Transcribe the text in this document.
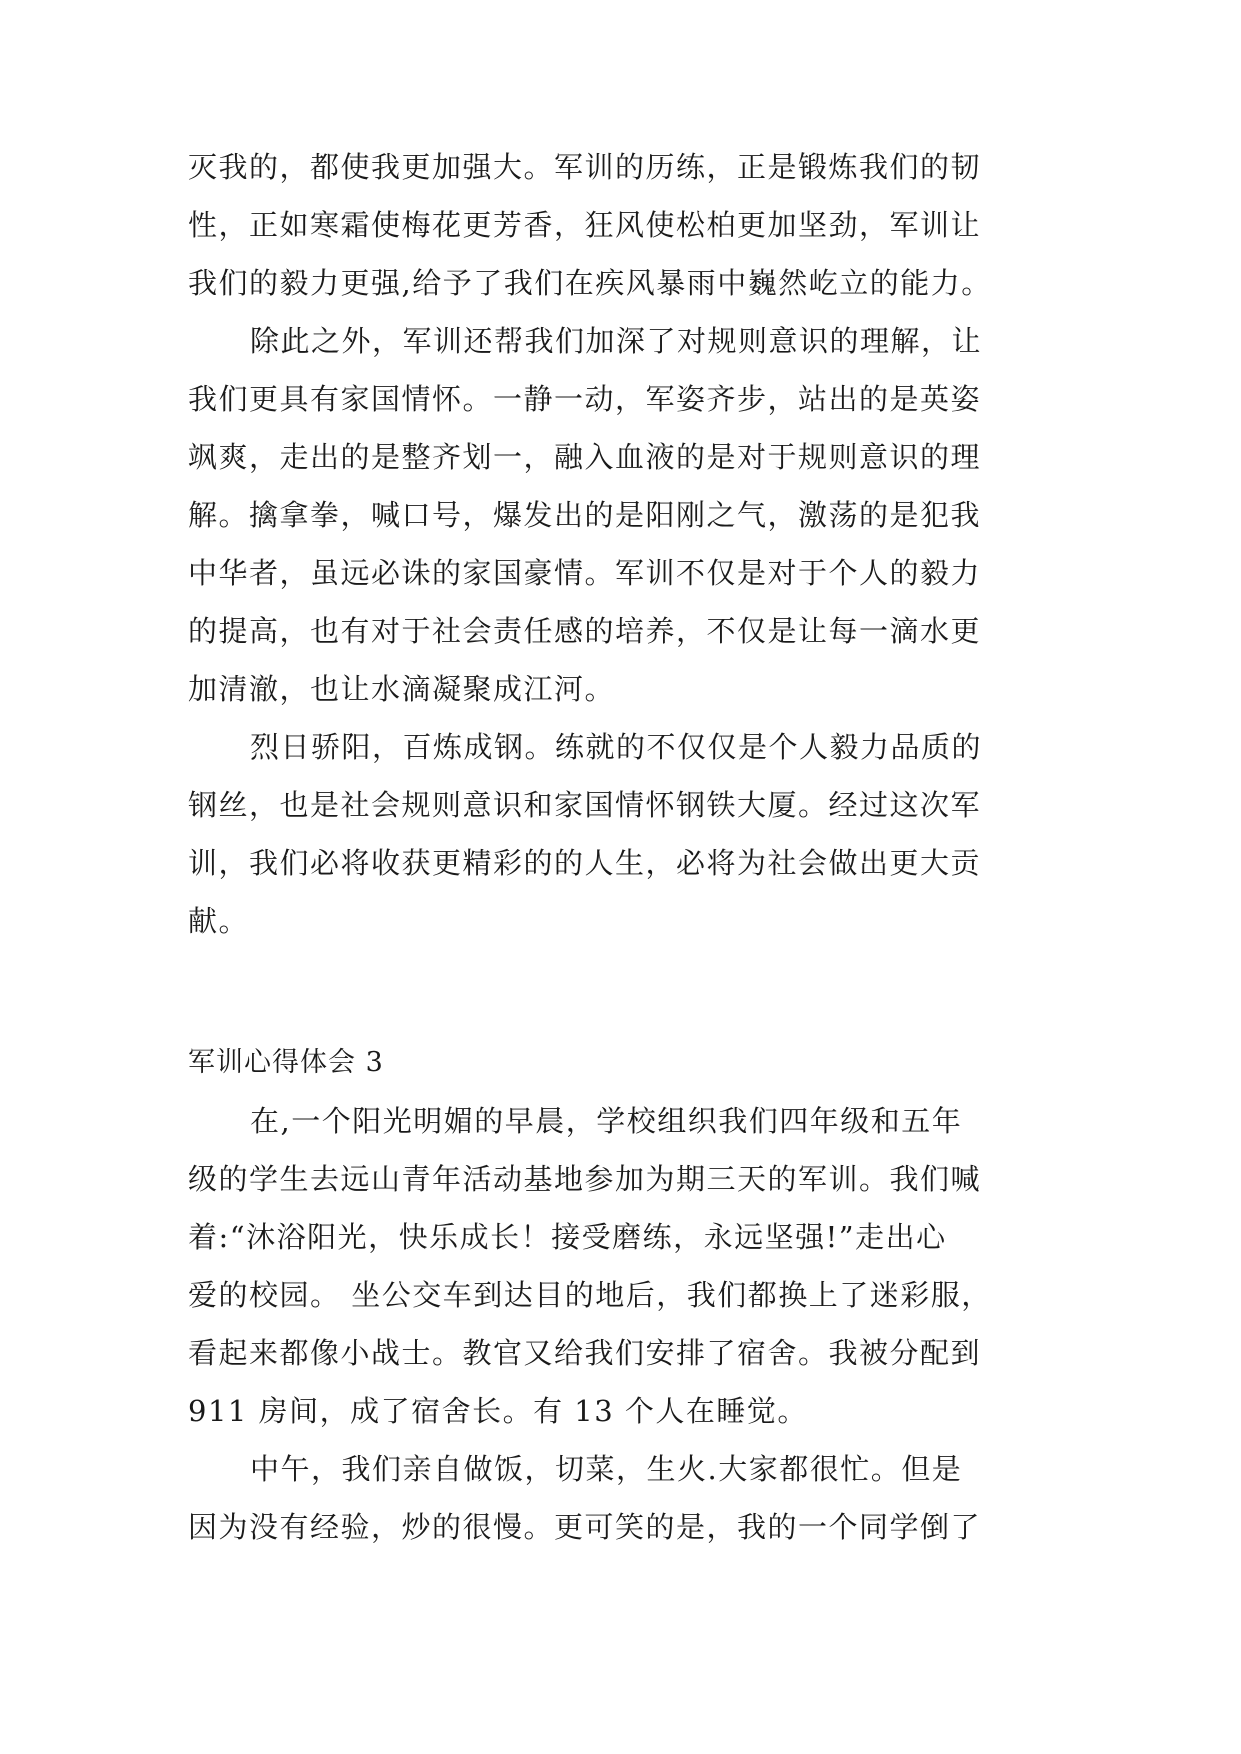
灭我的，都使我更加强大。军训的历练，正是锻炼我们的韧
性，正如寒霜使梅花更芳香，狂风使松柏更加坚劲，军训让
我们的毅力更强,给予了我们在疾风暴雨中巍然屹立的能力。
除此之外，军训还帮我们加深了对规则意识的理解，让
我们更具有家国情怀。一静一动，军姿齐步，站出的是英姿
飒爽，走出的是整齐划一，融入血液的是对于规则意识的理
解。擒拿拳，喊口号，爆发出的是阳刚之气，激荡的是犯我
中华者，虽远必诛的家国豪情。军训不仅是对于个人的毅力
的提高，也有对于社会责任感的培养，不仅是让每一滴水更
加清澈，也让水滴凝聚成江河。
烈日骄阳，百炼成钢。练就的不仅仅是个人毅力品质的
钢丝，也是社会规则意识和家国情怀钢铁大厦。经过这次军
训，我们必将收获更精彩的的人生，必将为社会做出更大贡
献。
军训心得体会 3
在,一个阳光明媚的早晨，学校组织我们四年级和五年
级的学生去远山青年活动基地参加为期三天的军训。我们喊
着:“沐浴阳光，快乐成长！接受磨练，永远坚强!”走出心
爱的校园。 坐公交车到达目的地后，我们都换上了迷彩服，
看起来都像小战士。教官又给我们安排了宿舍。我被分配到
911 房间，成了宿舍长。有 13 个人在睡觉。
中午，我们亲自做饭，切菜，生火.大家都很忙。但是
因为没有经验，炒的很慢。更可笑的是，我的一个同学倒了
